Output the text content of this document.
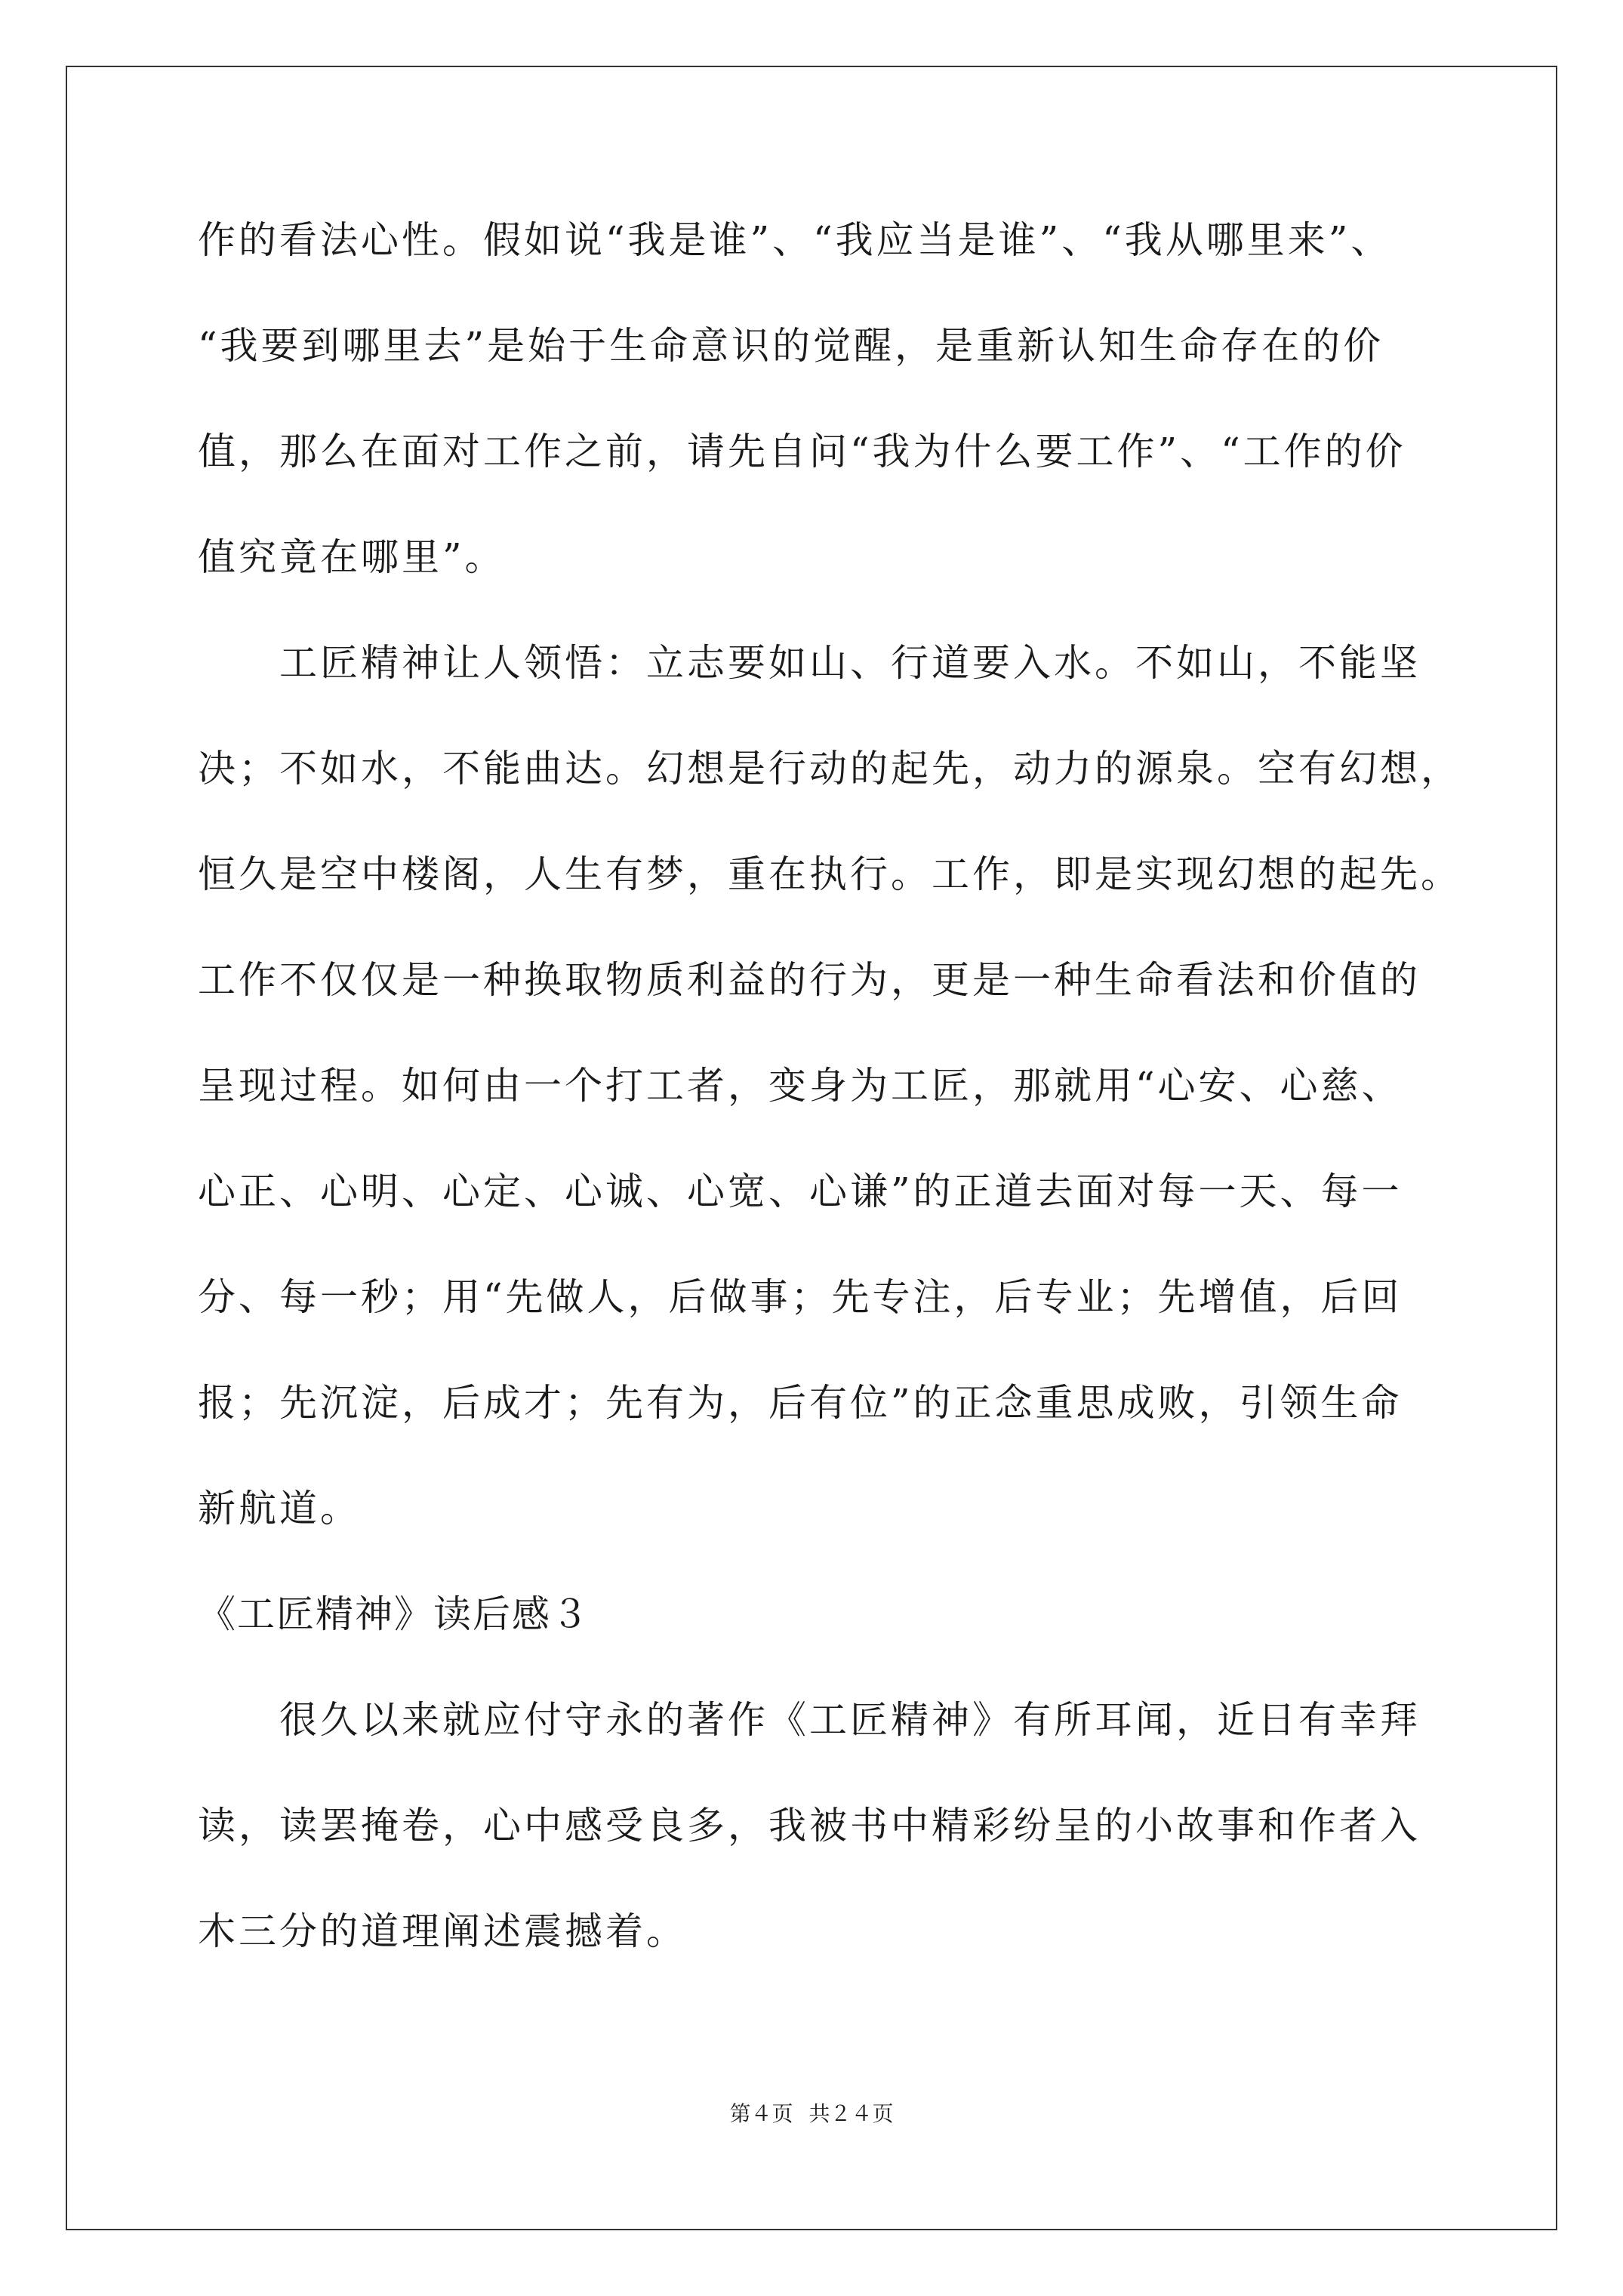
作的看法心性。假如说“我是谁”、“我应当是谁”、“我从哪里来”、
“我要到哪里去”是始于生命意识的觉醒，是重新认知生命存在的价
值，那么在面对工作之前，请先自问“我为什么要工作”、“工作的价
值究竟在哪里”。
　　工匠精神让人领悟：立志要如山、行道要入水。不如山，不能坚
决；不如水，不能曲达。幻想是行动的起先，动力的源泉。空有幻想，
恒久是空中楼阁，人生有梦，重在执行。工作，即是实现幻想的起先。
工作不仅仅是一种换取物质利益的行为，更是一种生命看法和价值的
呈现过程。如何由一个打工者，变身为工匠，那就用“心安、心慈、
心正、心明、心定、心诚、心宽、心谦”的正道去面对每一天、每一
分、每一秒；用“先做人，后做事；先专注，后专业；先增值，后回
报；先沉淀，后成才；先有为，后有位”的正念重思成败，引领生命
新航道。
《工匠精神》读后感３
　　很久以来就应付守永的著作《工匠精神》有所耳闻，近日有幸拜
读，读罢掩卷，心中感受良多，我被书中精彩纷呈的小故事和作者入
木三分的道理阐述震撼着。
第４页 共２４页
